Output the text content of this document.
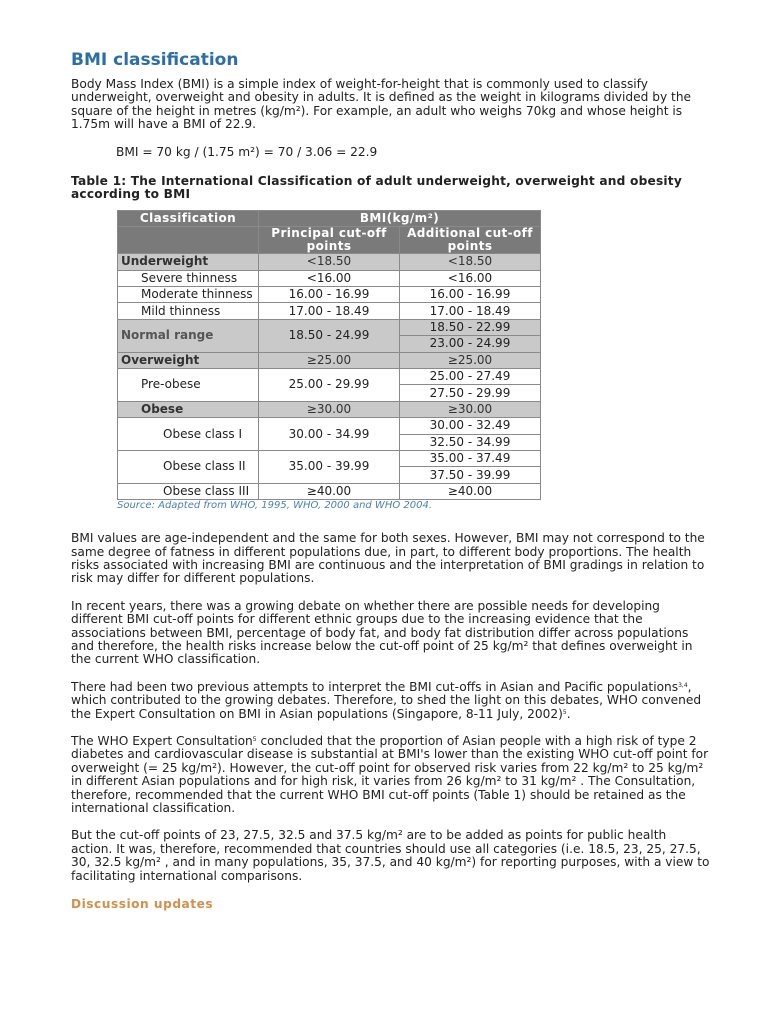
BMI classification

Body Mass Index (BMI) is a simple index of weight-for-height that is commonly used to classify underweight, overweight and obesity in adults. It is defined as the weight in kilograms divided by the square of the height in metres (kg/m²). For example, an adult who weighs 70kg and whose height is 1.75m will have a BMI of 22.9.

BMI = 70 kg / (1.75 m²) = 70 / 3.06 = 22.9

Table 1: The International Classification of adult underweight, overweight and obesity according to BMI

Classification	BMI(kg/m²)	
	Principal cut-off points	Additional cut-off points
Underweight	<18.50	<18.50
Severe thinness	<16.00	<16.00
Moderate thinness	16.00 - 16.99	16.00 - 16.99
Mild thinness	17.00 - 18.49	17.00 - 18.49
Normal range	18.50 - 24.99	18.50 - 22.99
		23.00 - 24.99
Overweight	≥25.00	≥25.00
Pre-obese	25.00 - 29.99	25.00 - 27.49
		27.50 - 29.99
Obese	≥30.00	≥30.00
Obese class I	30.00 - 34.99	30.00 - 32.49
		32.50 - 34.99
Obese class II	35.00 - 39.99	35.00 - 37.49
		37.50 - 39.99
Obese class III	≥40.00	≥40.00

Source: Adapted from WHO, 1995, WHO, 2000 and WHO 2004.

BMI values are age-independent and the same for both sexes. However, BMI may not correspond to the same degree of fatness in different populations due, in part, to different body proportions. The health risks associated with increasing BMI are continuous and the interpretation of BMI gradings in relation to risk may differ for different populations.

In recent years, there was a growing debate on whether there are possible needs for developing different BMI cut-off points for different ethnic groups due to the increasing evidence that the associations between BMI, percentage of body fat, and body fat distribution differ across populations and therefore, the health risks increase below the cut-off point of 25 kg/m² that defines overweight in the current WHO classification.

There had been two previous attempts to interpret the BMI cut-offs in Asian and Pacific populations$^{3,4}$, which contributed to the growing debates. Therefore, to shed the light on this debates, WHO convened the Expert Consultation on BMI in Asian populations (Singapore, 8-11 July, 2002)$^5$.

The WHO Expert Consultation$^5$ concluded that the proportion of Asian people with a high risk of type 2 diabetes and cardiovascular disease is substantial at BMI's lower than the existing WHO cut-off point for overweight (= 25 kg/m²). However, the cut-off point for observed risk varies from 22 kg/m² to 25 kg/m² in different Asian populations and for high risk, it varies from 26 kg/m² to 31 kg/m² . The Consultation, therefore, recommended that the current WHO BMI cut-off points (Table 1) should be retained as the international classification.

But the cut-off points of 23, 27.5, 32.5 and 37.5 kg/m² are to be added as points for public health action. It was, therefore, recommended that countries should use all categories (i.e. 18.5, 23, 25, 27.5, 30, 32.5 kg/m² , and in many populations, 35, 37.5, and 40 kg/m²) for reporting purposes, with a view to facilitating international comparisons.

Discussion updates
